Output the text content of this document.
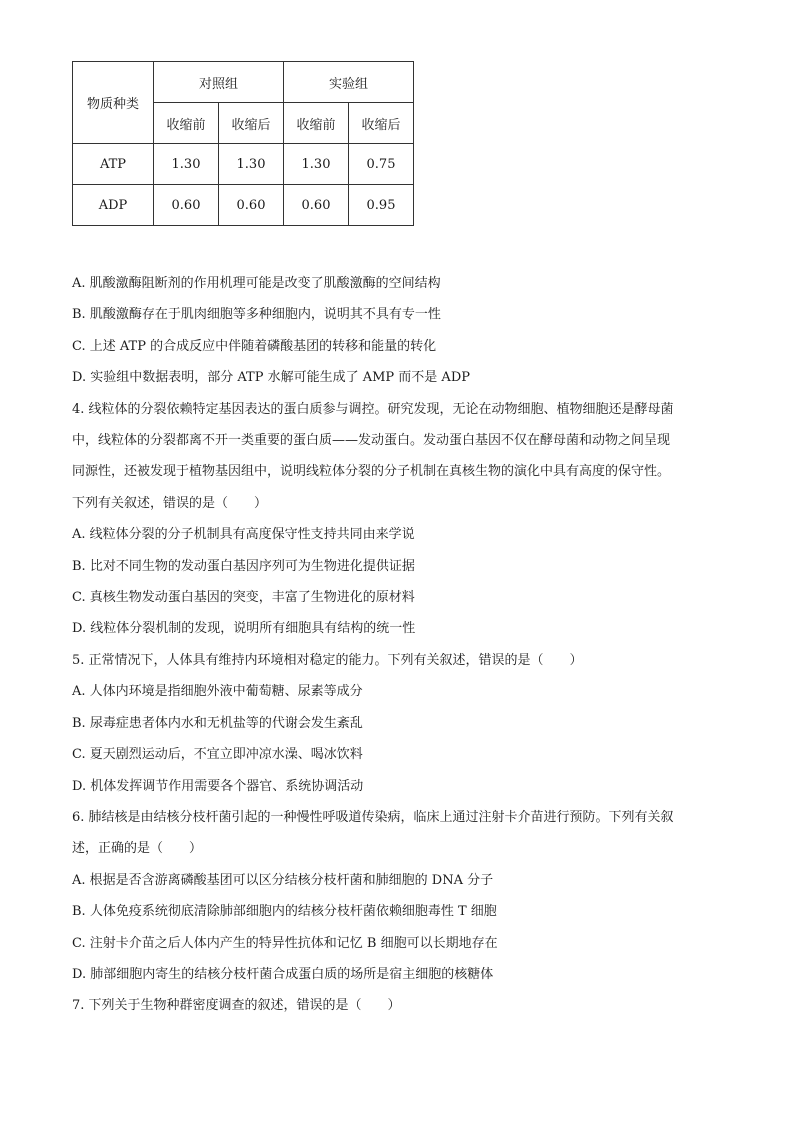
物质种类	对照组		实验组	
	收缩前	收缩后	收缩前	收缩后
ATP	1.30	1.30	1.30	0.75
ADP	0.60	0.60	0.60	0.95

A. 肌酸激酶阻断剂的作用机理可能是改变了肌酸激酶的空间结构

B. 肌酸激酶存在于肌肉细胞等多种细胞内，说明其不具有专一性

C. 上述 ATP 的合成反应中伴随着磷酸基团的转移和能量的转化

D. 实验组中数据表明，部分 ATP 水解可能生成了 AMP 而不是 ADP

4. 线粒体的分裂依赖特定基因表达的蛋白质参与调控。研究发现，无论在动物细胞、植物细胞还是酵母菌

中，线粒体的分裂都离不开一类重要的蛋白质——发动蛋白。发动蛋白基因不仅在酵母菌和动物之间呈现

同源性，还被发现于植物基因组中，说明线粒体分裂的分子机制在真核生物的演化中具有高度的保守性。

下列有关叙述，错误的是（　　）

A. 线粒体分裂的分子机制具有高度保守性支持共同由来学说

B. 比对不同生物的发动蛋白基因序列可为生物进化提供证据

C. 真核生物发动蛋白基因的突变，丰富了生物进化的原材料

D. 线粒体分裂机制的发现，说明所有细胞具有结构的统一性

5. 正常情况下，人体具有维持内环境相对稳定的能力。下列有关叙述，错误的是（　　）

A. 人体内环境是指细胞外液中葡萄糖、尿素等成分

B. 尿毒症患者体内水和无机盐等的代谢会发生紊乱

C. 夏天剧烈运动后，不宜立即冲凉水澡、喝冰饮料

D. 机体发挥调节作用需要各个器官、系统协调活动

6. 肺结核是由结核分枝杆菌引起的一种慢性呼吸道传染病，临床上通过注射卡介苗进行预防。下列有关叙

述，正确的是（　　）

A. 根据是否含游离磷酸基团可以区分结核分枝杆菌和肺细胞的 DNA 分子

B. 人体免疫系统彻底清除肺部细胞内的结核分枝杆菌依赖细胞毒性 T 细胞

C. 注射卡介苗之后人体内产生的特异性抗体和记忆 B 细胞可以长期地存在

D. 肺部细胞内寄生的结核分枝杆菌合成蛋白质的场所是宿主细胞的核糖体

7. 下列关于生物种群密度调查的叙述，错误的是（　　）
